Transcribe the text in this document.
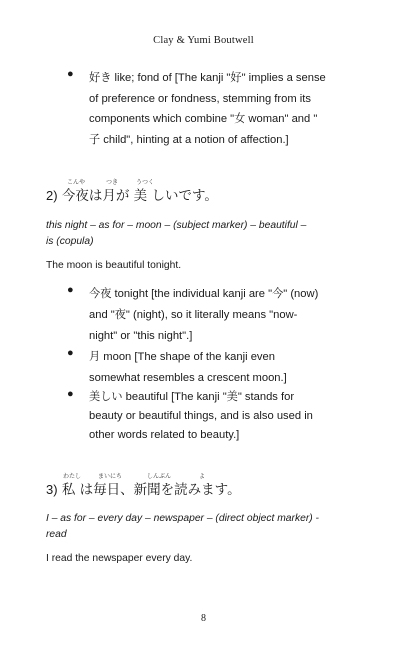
Clay & Yumi Boutwell
● 好き like; fond of [The kanji "好" implies a sense
of preference or fondness, stemming from its
components which combine "女 woman" and "
子 child", hinting at a notion of affection.]
こんや	つき	うつく
2) 今夜は月が 美 しいです。
this night – as for – moon – (subject marker) – beautiful –
is (copula)
The moon is beautiful tonight.
● 今夜 tonight [the individual kanji are "今" (now)
and "夜" (night), so it literally means "now-
night" or "this night".]
● 月 moon [The shape of the kanji even
somewhat resembles a crescent moon.]
● 美しい beautiful [The kanji "美" stands for
beauty or beautiful things, and is also used in
other words related to beauty.]
わたし	まいにち	しんぶん	よ
3) 私 は毎日、新聞を読みます。
I – as for – every day – newspaper – (direct object marker) -
read
I read the newspaper every day.
8
